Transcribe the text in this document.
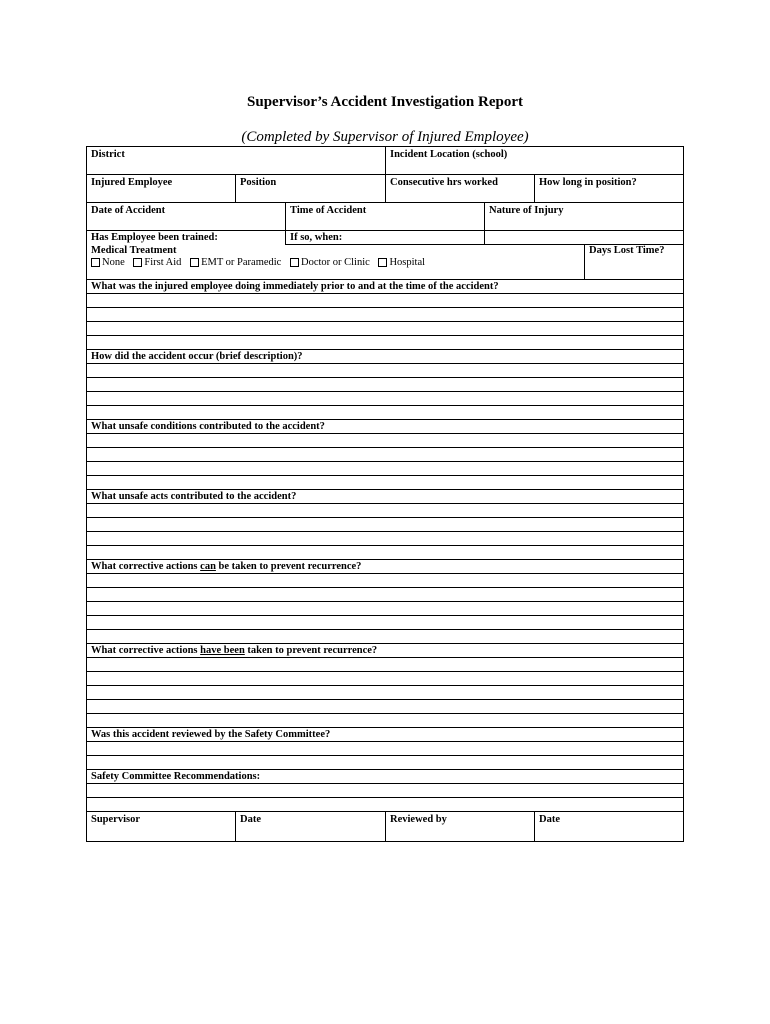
Supervisor’s Accident Investigation Report
(Completed by Supervisor of Injured Employee)
District	Incident Location (school)
Injured Employee	Position	Consecutive hrs worked	How long in position?
Date of Accident	Time of Accident	Nature of Injury
Has Employee been trained:	If so, when:
Medical Treatment
None First Aid EMT or Paramedic Doctor or Clinic Hospital
Days Lost Time?
What was the injured employee doing immediately prior to and at the time of the accident?
How did the accident occur (brief description)?
What unsafe conditions contributed to the accident?
What unsafe acts contributed to the accident?
What corrective actions can be taken to prevent recurrence?
What corrective actions have been taken to prevent recurrence?
Was this accident reviewed by the Safety Committee?
Safety Committee Recommendations:
Supervisor	Date	Reviewed by	Date
